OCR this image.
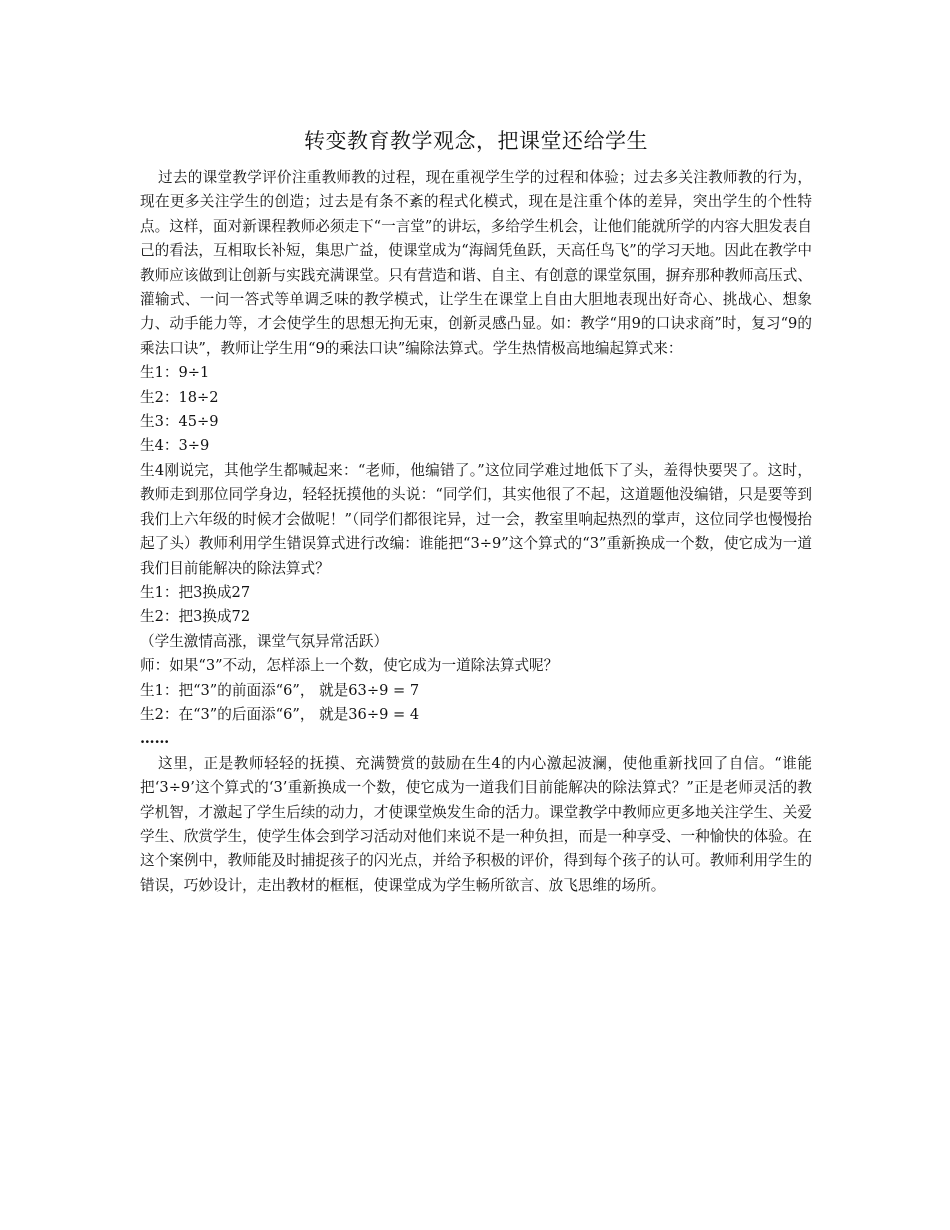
转变教育教学观念，把课堂还给学生

过去的课堂教学评价注重教师教的过程，现在重视学生学的过程和体验；过去多关注教师教的行为，现在更多关注学生的创造；过去是有条不紊的程式化模式，现在是注重个体的差异，突出学生的个性特点。这样，面对新课程教师必须走下“一言堂”的讲坛，多给学生机会，让他们能就所学的内容大胆发表自己的看法，互相取长补短，集思广益，使课堂成为“海阔凭鱼跃，天高任鸟飞”的学习天地。因此在教学中教师应该做到让创新与实践充满课堂。只有营造和谐、自主、有创意的课堂氛围，摒弃那种教师高压式、灌输式、一问一答式等单调乏味的教学模式，让学生在课堂上自由大胆地表现出好奇心、挑战心、想象力、动手能力等，才会使学生的思想无拘无束，创新灵感凸显。如：教学“用9的口诀求商”时，复习“9的乘法口诀”，教师让学生用“9的乘法口诀”编除法算式。学生热情极高地编起算式来：

生1：9÷1

生2：18÷2

生3：45÷9

生4：3÷9

生4刚说完，其他学生都喊起来：“老师，他编错了。”这位同学难过地低下了头，羞得快要哭了。这时，教师走到那位同学身边，轻轻抚摸他的头说：“同学们，其实他很了不起，这道题他没编错，只是要等到我们上六年级的时候才会做呢！”（同学们都很诧异，过一会，教室里响起热烈的掌声，这位同学也慢慢抬起了头）教师利用学生错误算式进行改编：谁能把“3÷9”这个算式的“3”重新换成一个数，使它成为一道我们目前能解决的除法算式？

生1：把3换成27

生2：把3换成72

（学生激情高涨，课堂气氛异常活跃）

师：如果“3”不动，怎样添上一个数，使它成为一道除法算式呢？

生1：把“3”的前面添“6”， 就是63÷9 = 7

生2：在“3”的后面添“6”， 就是36÷9 = 4

……

这里，正是教师轻轻的抚摸、充满赞赏的鼓励在生4的内心激起波澜，使他重新找回了自信。“谁能把‘3÷9’这个算式的‘3’重新换成一个数，使它成为一道我们目前能解决的除法算式？”正是老师灵活的教学机智，才激起了学生后续的动力，才使课堂焕发生命的活力。课堂教学中教师应更多地关注学生、关爱学生、欣赏学生，使学生体会到学习活动对他们来说不是一种负担，而是一种享受、一种愉快的体验。在这个案例中，教师能及时捕捉孩子的闪光点，并给予积极的评价，得到每个孩子的认可。教师利用学生的错误，巧妙设计，走出教材的框框，使课堂成为学生畅所欲言、放飞思维的场所。
